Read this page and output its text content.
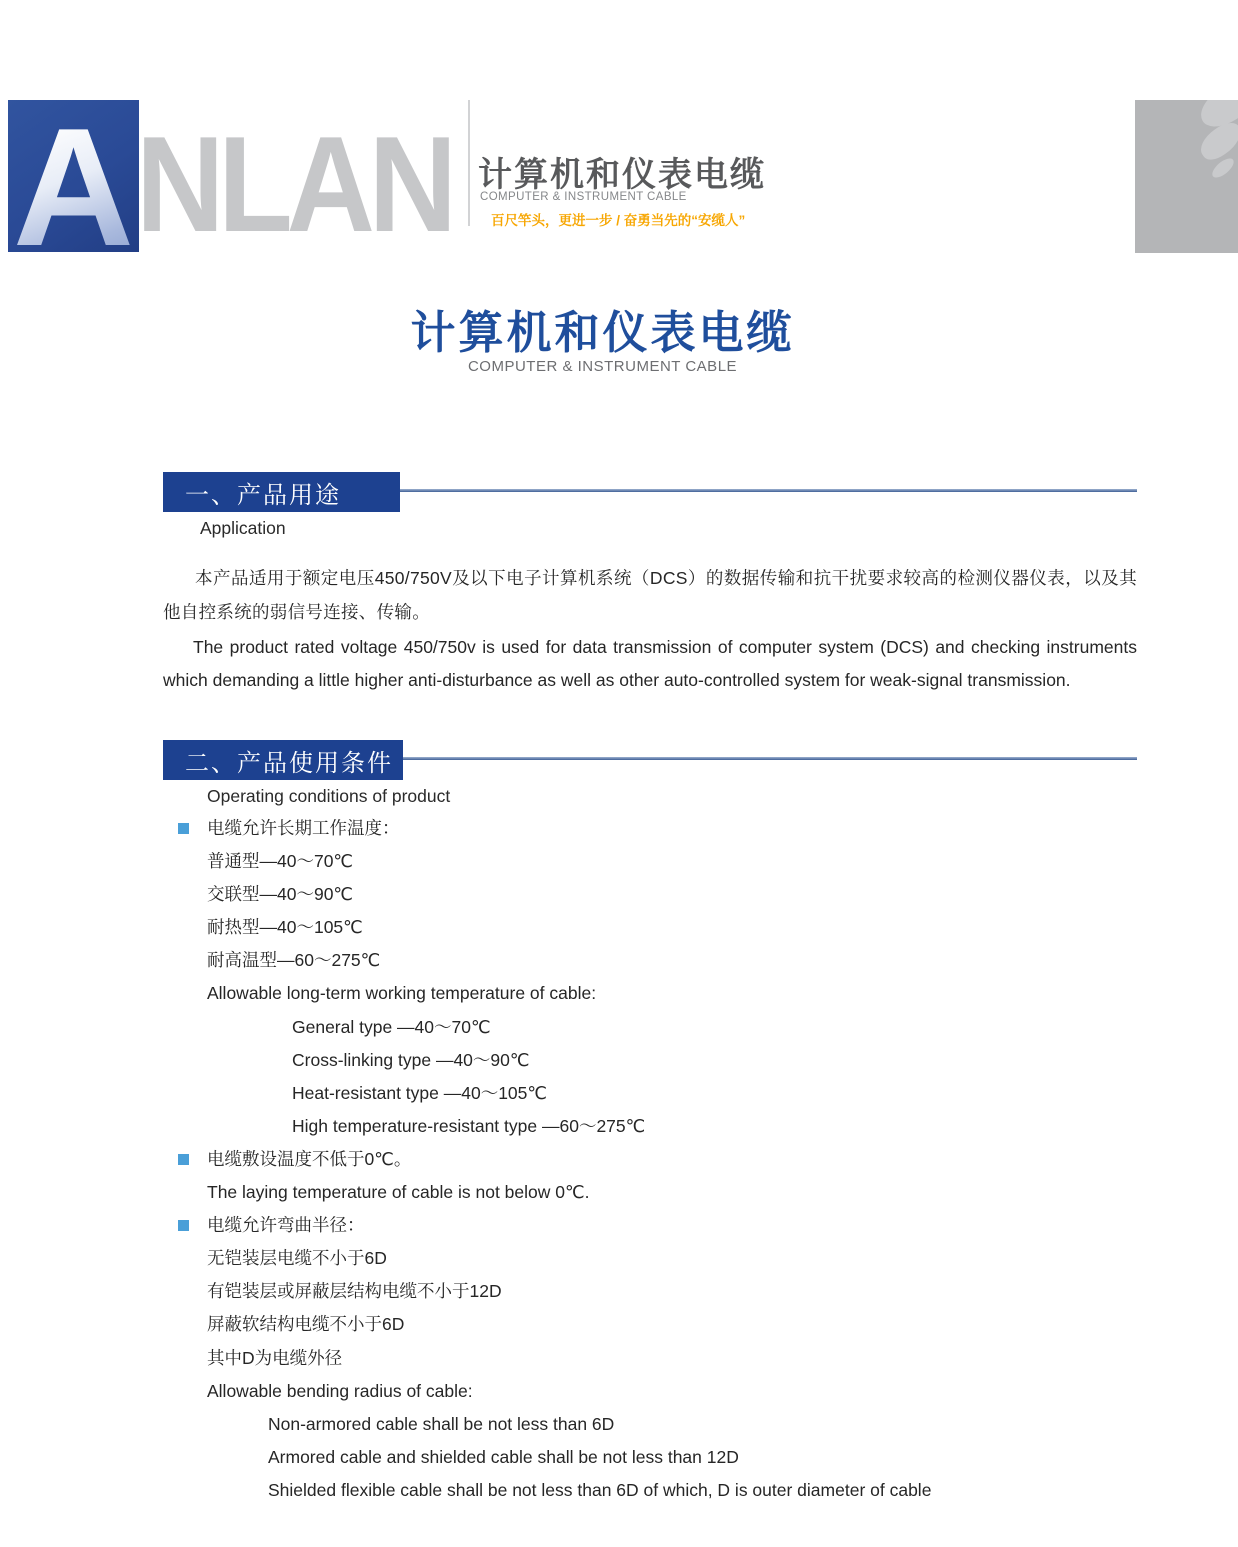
A NLAN 计算机和仪表电缆
COMPUTER & INSTRUMENT CABLE
百尺竿头，更进一步 / 奋勇当先的“安缆人”
计算机和仪表电缆
COMPUTER & INSTRUMENT CABLE
一、产品用途
Application
本产品适用于额定电压450/750V及以下电子计算机系统（DCS）的数据传输和抗干扰要求较高的检测仪器仪表，以及其他自控系统的弱信号连接、传输。
The product rated voltage 450/750v is used for data transmission of computer system (DCS) and checking instruments which demanding a little higher anti-disturbance as well as other auto-controlled system for weak-signal transmission.
二、产品使用条件
Operating conditions of product
电缆允许长期工作温度：
普通型—40～70℃
交联型—40～90℃
耐热型—40～105℃
耐高温型—60～275℃
Allowable long-term working temperature of cable:
General type —40～70℃
Cross-linking type —40～90℃
Heat-resistant type —40～105℃
High temperature-resistant type —60～275℃
电缆敷设温度不低于0℃。
The laying temperature of cable is not below 0℃.
电缆允许弯曲半径：
无铠装层电缆不小于6D
有铠装层或屏蔽层结构电缆不小于12D
屏蔽软结构电缆不小于6D
其中D为电缆外径
Allowable bending radius of cable:
Non-armored cable shall be not less than 6D
Armored cable and shielded cable shall be not less than 12D
Shielded flexible cable shall be not less than 6D of which, D is outer diameter of cable
